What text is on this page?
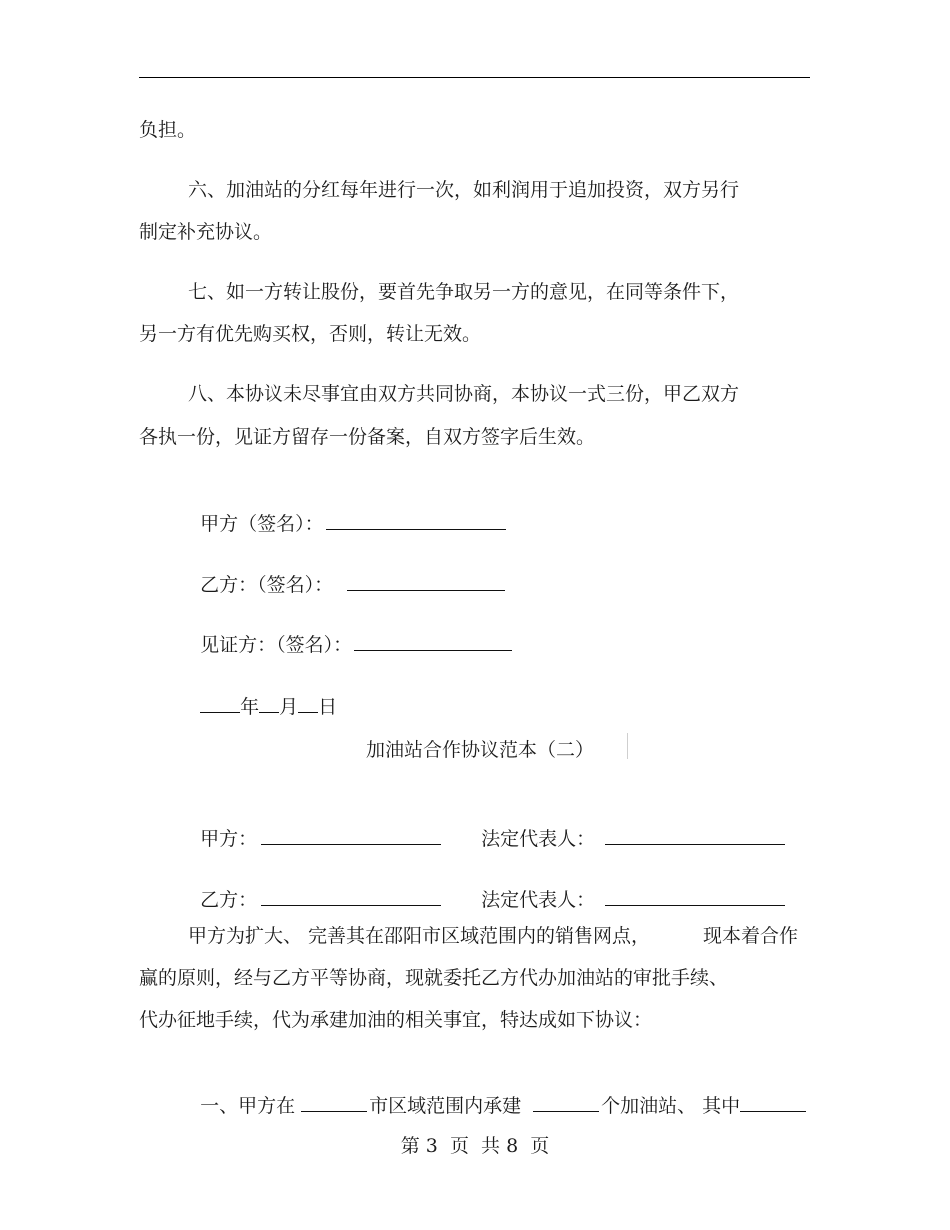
负担。
六、加油站的分红每年进行一次，如利润用于追加投资，双方另行
制定补充协议。
七、如一方转让股份，要首先争取另一方的意见，在同等条件下，
另一方有优先购买权，否则，转让无效。
八、本协议未尽事宜由双方共同协商，本协议一式三份，甲乙双方
各执一份，见证方留存一份备案，自双方签字后生效。

甲方（签名）：

乙方：（签名）：

见证方：（签名）：

年 月 日

加油站合作协议范本（二）

甲方：	法定代表人：

乙方：	法定代表人：

甲方为扩大、 完善其在邵阳市区域范围内的销售网点，	现本着合作
赢的原则，经与乙方平等协商，现就委托乙方代办加油站的审批手续、
代办征地手续，代为承建加油的相关事宜，特达成如下协议：

一、甲方在	市区域范围内承建	个加油站、 其中

第 3  页  共 8  页
